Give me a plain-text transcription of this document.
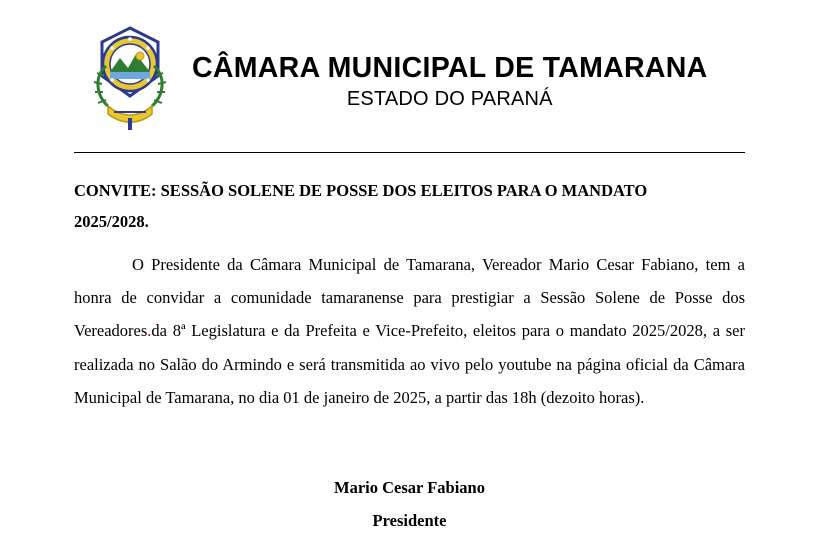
CÂMARA MUNICIPAL DE TAMARANA
ESTADO DO PARANÁ
CONVITE: SESSÃO SOLENE DE POSSE DOS ELEITOS PARA O MANDATO
2025/2028.

O Presidente da Câmara Municipal de Tamarana, Vereador Mario Cesar Fabiano, tem a honra de convidar a comunidade tamaranense para prestigiar a Sessão Solene de Posse dos Vereadores.da 8ª Legislatura e da Prefeita e Vice-Prefeito, eleitos para o mandato 2025/2028, a ser realizada no Salão do Armindo e será transmitida ao vivo pelo youtube na página oficial da Câmara Municipal de Tamarana, no dia 01 de janeiro de 2025, a partir das 18h (dezoito horas).

Mario Cesar Fabiano
Presidente
